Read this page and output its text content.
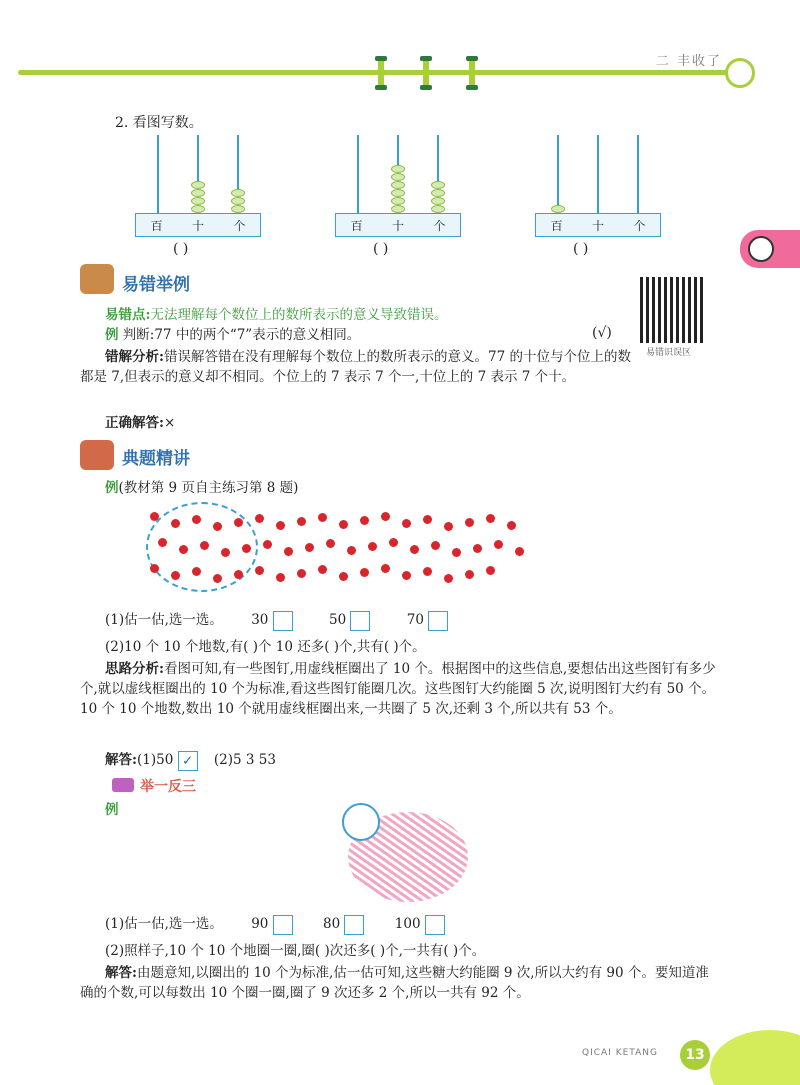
二 丰收了
2. 看图写数。
百 十 个
( )
百 十 个
( )
百 十 个
( )
易错举例
易错点:无法理解每个数位上的数所表示的意义导致错误。
例 判断:77 中的两个“7”表示的意义相同。	(√)
易错识误区
错解分析:错误解答错在没有理解每个数位上的数所表示的意义。77 的十位与个位上的数都是 7,但表示的意义却不相同。个位上的 7 表示 7 个一,十位上的 7 表示 7 个十。
正确解答:×
典题精讲
例(教材第 9 页自主练习第 8 题)
(1)估一估,选一选。 30	50	70
(2)10 个 10 个地数,有( )个 10 还多( )个,共有( )个。
思路分析:看图可知,有一些图钉,用虚线框圈出了 10 个。根据图中的这些信息,要想估出这些图钉有多少个,就以虚线框圈出的 10 个为标准,看这些图钉能圈几次。这些图钉大约能圈 5 次,说明图钉大约有 50 个。10 个 10 个地数,数出 10 个就用虚线框圈出来,一共圈了 5 次,还剩 3 个,所以共有 53 个。
解答:(1)50 ✓ (2)5 3 53
举一反三
例
(1)估一估,选一选。 90	80	100
(2)照样子,10 个 10 个地圈一圈,圈( )次还多( )个,一共有( )个。
解答:由题意知,以圈出的 10 个为标准,估一估可知,这些糖大约能圈 9 次,所以大约有 90 个。要知道准确的个数,可以每数出 10 个圈一圈,圈了 9 次还多 2 个,所以一共有 92 个。
QICAI KETANG	13
